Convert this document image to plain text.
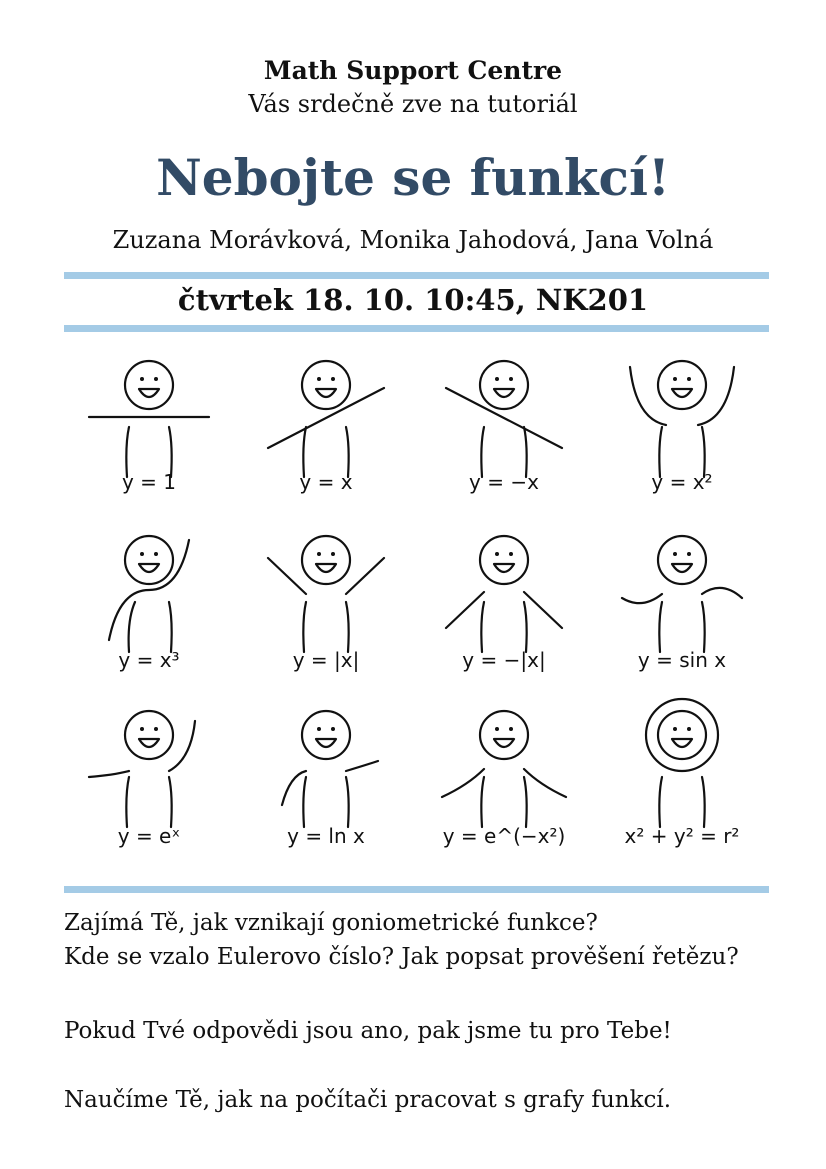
Math Support Centre
Vás srdečně zve na tutoriál
Nebojte se funkcí!
Zuzana Morávková, Monika Jahodová, Jana Volná
čtvrtek 18. 10. 10:45, NK201
y = 1	y = x	y = −x	y = x²
y = x³	y = |x|	y = −|x|	y = sin x
y = eˣ	y = ln x	y = e^(−x²)	x² + y² = r²
Zajímá Tě, jak vznikají goniometrické funkce?
Kde se vzalo Eulerovo číslo? Jak popsat prověšení řetězu?
Pokud Tvé odpovědi jsou ano, pak jsme tu pro Tebe!
Naučíme Tě, jak na počítači pracovat s grafy funkcí.
